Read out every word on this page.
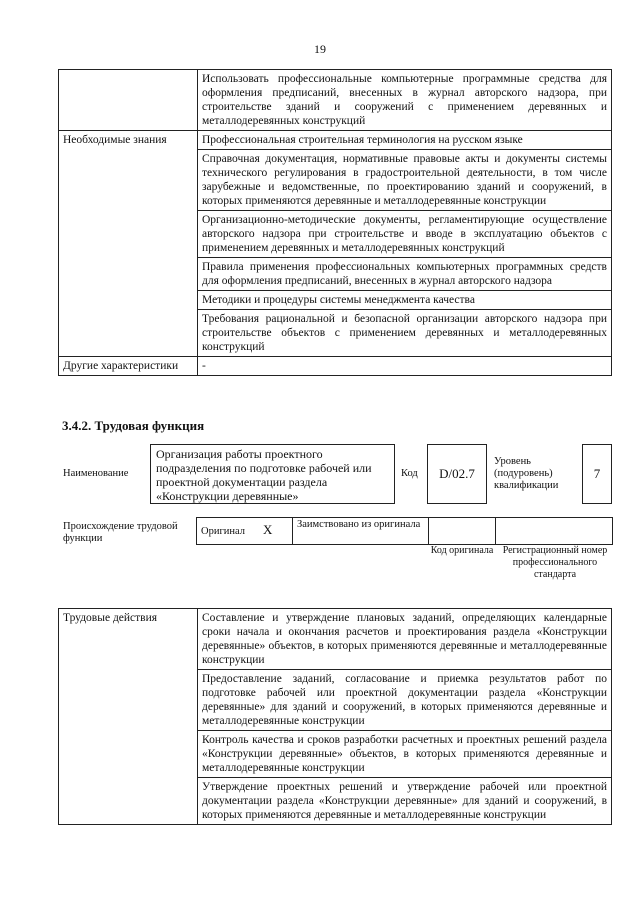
19
	Использовать профессиональные компьютерные программные средства для оформления предписаний, внесенных в журнал авторского надзора, при строительстве зданий и сооружений с применением деревянных и металлодеревянных конструкций
Необходимые знания	Профессиональная строительная терминология на русском языке
	Справочная документация, нормативные правовые акты и документы системы технического регулирования в градостроительной деятельности, в том числе зарубежные и ведомственные, по проектированию зданий и сооружений, в которых применяются деревянные и металлодеревянные конструкции
	Организационно-методические документы, регламентирующие осуществление авторского надзора при строительстве и вводе в эксплуатацию объектов с применением деревянных и металлодеревянных конструкций
	Правила применения профессиональных компьютерных программных средств для оформления предписаний, внесенных в журнал авторского надзора
	Методики и процедуры системы менеджмента качества
	Требования рациональной и безопасной организации авторского надзора при строительстве объектов с применением деревянных и металлодеревянных конструкций
Другие характеристики	-
3.4.2. Трудовая функция
Наименование
Организация работы проектного подразделения по подготовке рабочей или проектной документации раздела «Конструкции деревянные»
Код	D/02.7
Уровень (подуровень) квалификации
7
Происхождение трудовой функции
Оригинал X	Заимствовано из оригинала		
Код оригинала Регистрационный номер профессионального стандарта
Трудовые действия	Составление и утверждение плановых заданий, определяющих календарные сроки начала и окончания расчетов и проектирования раздела «Конструкции деревянные» объектов, в которых применяются деревянные и металлодеревянные конструкции
Предоставление заданий, согласование и приемка результатов работ по подготовке рабочей или проектной документации раздела «Конструкции деревянные» для зданий и сооружений, в которых применяются деревянные и металлодеревянные конструкции
Контроль качества и сроков разработки расчетных и проектных решений раздела «Конструкции деревянные» объектов, в которых применяются деревянные и металлодеревянные конструкции
Утверждение проектных решений и утверждение рабочей или проектной документации раздела «Конструкции деревянные» для зданий и сооружений, в которых применяются деревянные и металлодеревянные конструкции
